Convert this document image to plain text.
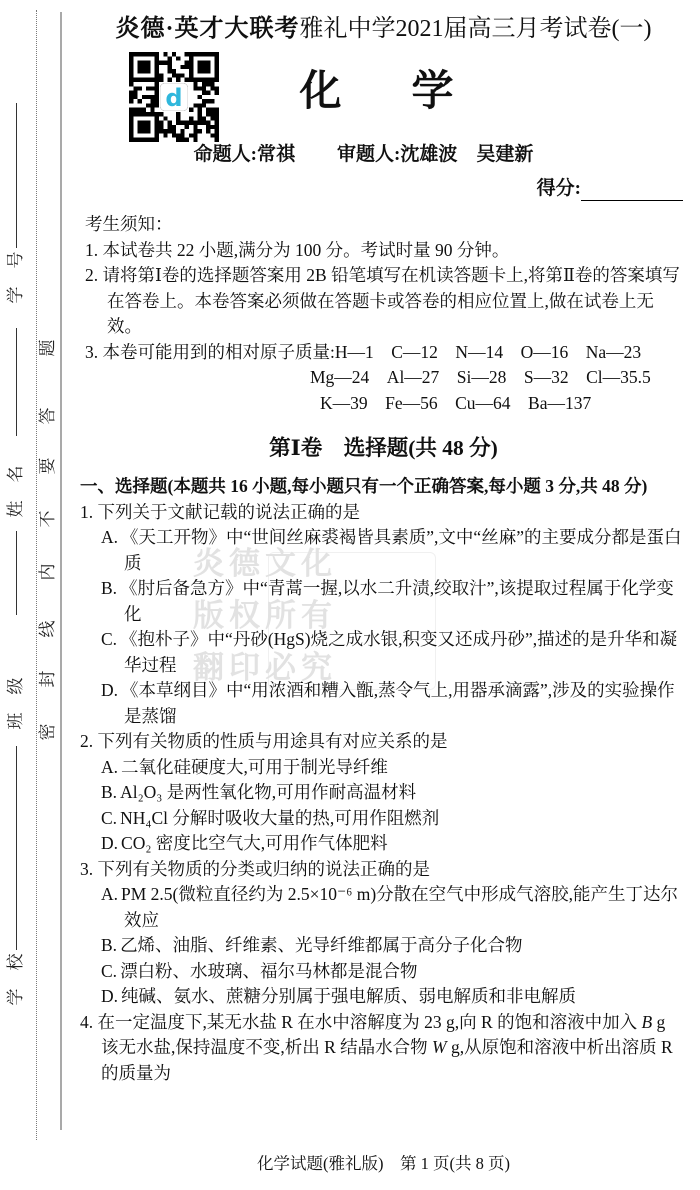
炎德文化
版权所有
翻印必究
号
学
名
姓
级
班
校
学
题
答
要
不
内
线
封
密
d
炎德·英才大联考雅礼中学2021届高三月考试卷(一)
化　学
命题人:常祺 审题人:沈雄波　吴建新
得分:
考生须知：
1. 本试卷共 22 小题,满分为 100 分。考试时量 90 分钟。
2. 请将第Ⅰ卷的选择题答案用 2B 铅笔填写在机读答题卡上,将第Ⅱ卷的答案填写在答卷上。本卷答案必须做在答题卡或答卷的相应位置上,做在试卷上无效。
3. 本卷可能用到的相对原子质量:H—1　C—12　N—14　O—16　Na—23
Mg—24　Al—27　Si—28　S—32　Cl—35.5
K—39　Fe—56　Cu—64　Ba—137
第Ⅰ卷　选择题(共 48 分)
一、选择题(本题共 16 小题,每小题只有一个正确答案,每小题 3 分,共 48 分)
1. 下列关于文献记载的说法正确的是
A. 《天工开物》中“世间丝麻裘褐皆具素质”,文中“丝麻”的主要成分都是蛋白质
B. 《肘后备急方》中“青蒿一握,以水二升渍,绞取汁”,该提取过程属于化学变化
C. 《抱朴子》中“丹砂(HgS)烧之成水银,积变又还成丹砂”,描述的是升华和凝华过程
D. 《本草纲目》中“用浓酒和糟入甑,蒸令气上,用器承滴露”,涉及的实验操作是蒸馏
2. 下列有关物质的性质与用途具有对应关系的是
A. 二氧化硅硬度大,可用于制光导纤维
B. Al₂O₃ 是两性氧化物,可用作耐高温材料
C. NH₄Cl 分解时吸收大量的热,可用作阻燃剂
D. CO₂ 密度比空气大,可用作气体肥料
3. 下列有关物质的分类或归纳的说法正确的是
A. PM 2.5(微粒直径约为 2.5×10⁻⁶ m)分散在空气中形成气溶胶,能产生丁达尔效应
B. 乙烯、油脂、纤维素、光导纤维都属于高分子化合物
C. 漂白粉、水玻璃、福尔马林都是混合物
D. 纯碱、氨水、蔗糖分别属于强电解质、弱电解质和非电解质
4. 在一定温度下,某无水盐 R 在水中溶解度为 23 g,向 R 的饱和溶液中加入 B g 该无水盐,保持温度不变,析出 R 结晶水合物 W g,从原饱和溶液中析出溶质 R 的质量为
化学试题(雅礼版)　第 1 页(共 8 页)
